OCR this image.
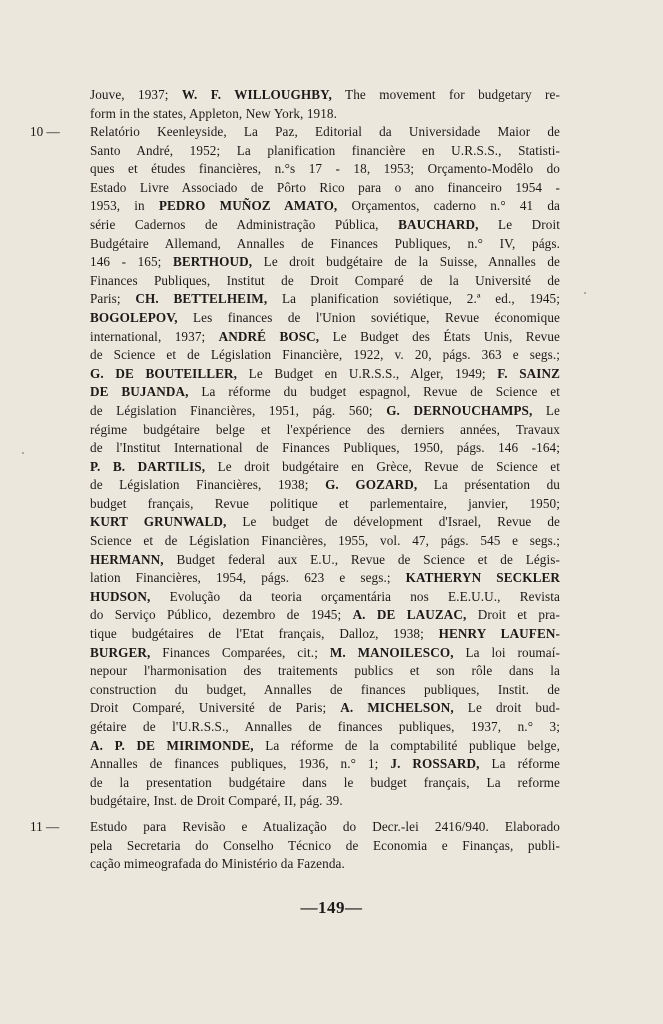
Jouve, 1937; W. F. WILLOUGHBY, The movement for budgetary re-
form in the states, Appleton, New York, 1918.
10 — Relatório Keenleyside, La Paz, Editorial da Universidade Maior de
Santo André, 1952; La planification financière en U.R.S.S., Statisti-
ques et études financières, n.°s 17 - 18, 1953; Orçamento-Modêlo do
Estado Livre Associado de Pôrto Rico para o ano financeiro 1954 -
1953, in PEDRO MUÑOZ AMATO, Orçamentos, caderno n.° 41 da
série Cadernos de Administração Pública, BAUCHARD, Le Droit
Budgétaire Allemand, Annalles de Finances Publiques, n.° IV, págs.
146 - 165; BERTHOUD, Le droit budgétaire de la Suisse, Annalles de
Finances Publiques, Institut de Droit Comparé de la Université de
Paris; CH. BETTELHEIM, La planification soviétique, 2.ª ed., 1945;
BOGOLEPOV, Les finances de l'Union soviétique, Revue économique
international, 1937; ANDRÉ BOSC, Le Budget des États Unis, Revue
de Science et de Législation Financière, 1922, v. 20, págs. 363 e segs.;
G. DE BOUTEILLER, Le Budget en U.R.S.S., Alger, 1949; F. SAINZ
DE BUJANDA, La réforme du budget espagnol, Revue de Science et
de Législation Financières, 1951, pág. 560; G. DERNOUCHAMPS, Le
régime budgétaire belge et l'expérience des derniers années, Travaux
de l'Institut International de Finances Publiques, 1950, págs. 146 -164;
P. B. DARTILIS, Le droit budgétaire en Grèce, Revue de Science et
de Législation Financières, 1938; G. GOZARD, La présentation du
budget français, Revue politique et parlementaire, janvier, 1950;
KURT GRUNWALD, Le budget de dévelopment d'Israel, Revue de
Science et de Législation Financières, 1955, vol. 47, págs. 545 e segs.;
HERMANN, Budget federal aux E.U., Revue de Science et de Légis-
lation Financières, 1954, págs. 623 e segs.; KATHERYN SECKLER
HUDSON, Evolução da teoria orçamentária nos E.E.U.U., Revista
do Serviço Público, dezembro de 1945; A. DE LAUZAC, Droit et pra-
tique budgétaires de l'Etat français, Dalloz, 1938; HENRY LAUFEN-
BURGER, Finances Comparées, cit.; M. MANOILESCO, La loi roumaí-
nepour l'harmonisation des traitements publics et son rôle dans la
construction du budget, Annalles de finances publiques, Instit. de
Droit Comparé, Université de Paris; A. MICHELSON, Le droit bud-
gétaire de l'U.R.S.S., Annalles de finances publiques, 1937, n.° 3;
A. P. DE MIRIMONDE, La réforme de la comptabilité publique belge,
Annalles de finances publiques, 1936, n.° 1; J. ROSSARD, La réforme
de la presentation budgétaire dans le budget français, La reforme
budgétaire, Inst. de Droit Comparé, II, pág. 39.
11 — Estudo para Revisão e Atualização do Decr.-lei 2416/940. Elaborado
pela Secretaria do Conselho Técnico de Economia e Finanças, publi-
cação mimeografada do Ministério da Fazenda.
—149—
